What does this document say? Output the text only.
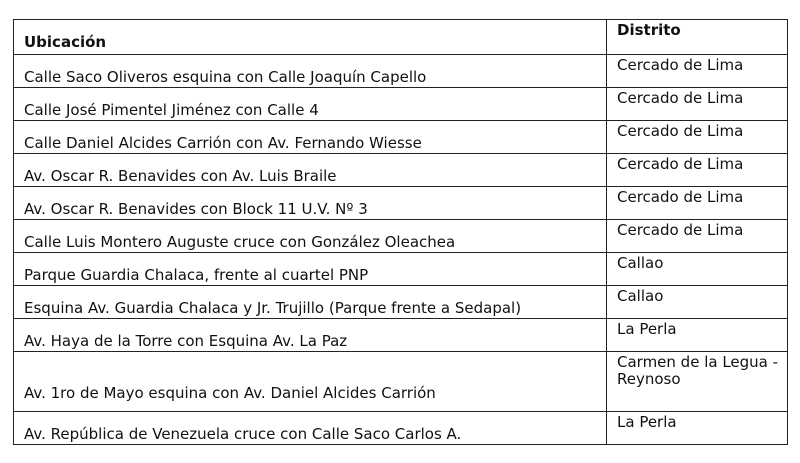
Ubicación	Distrito
Calle Saco Oliveros esquina con Calle Joaquín Capello	Cercado de Lima
Calle José Pimentel Jiménez con Calle 4	Cercado de Lima
Calle Daniel Alcides Carrión con Av. Fernando Wiesse	Cercado de Lima
Av. Oscar R. Benavides con Av. Luis Braile	Cercado de Lima
Av. Oscar R. Benavides con Block 11 U.V. Nº 3	Cercado de Lima
Calle Luis Montero Auguste cruce con González Oleachea	Cercado de Lima
Parque Guardia Chalaca, frente al cuartel PNP	Callao
Esquina Av. Guardia Chalaca y Jr. Trujillo (Parque frente a Sedapal)	Callao
Av. Haya de la Torre con Esquina Av. La Paz	La Perla
Av. 1ro de Mayo esquina con Av. Daniel Alcides Carrión	Carmen de la Legua - Reynoso
Av. República de Venezuela cruce con Calle Saco Carlos A.	La Perla
